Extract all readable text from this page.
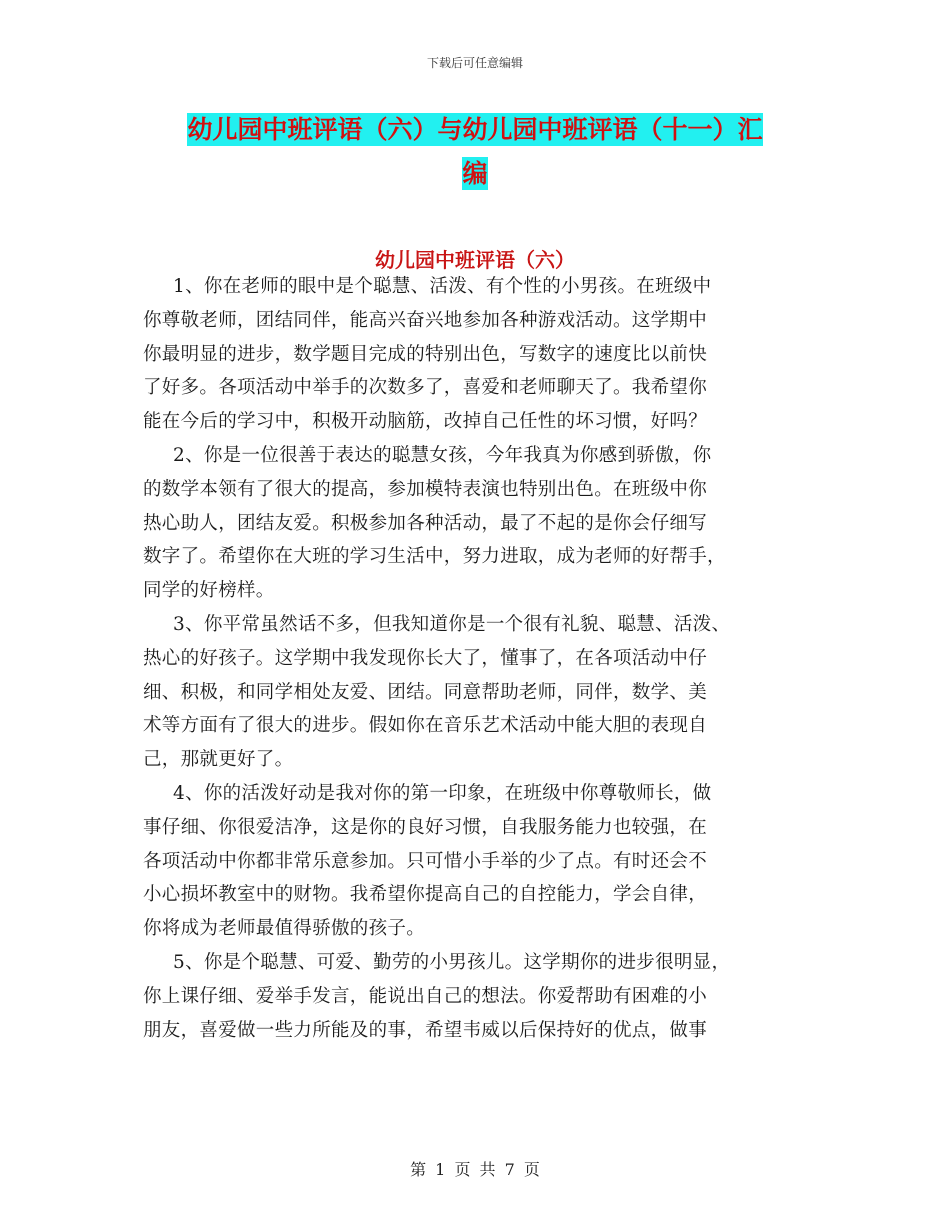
下载后可任意编辑
幼儿园中班评语（六）与幼儿园中班评语（十一）汇
编
幼儿园中班评语（六）
1、你在老师的眼中是个聪慧、活泼、有个性的小男孩。在班级中
你尊敬老师，团结同伴，能高兴奋兴地参加各种游戏活动。这学期中
你最明显的进步，数学题目完成的特别出色，写数字的速度比以前快
了好多。各项活动中举手的次数多了，喜爱和老师聊天了。我希望你
能在今后的学习中，积极开动脑筋，改掉自己任性的坏习惯，好吗？
2、你是一位很善于表达的聪慧女孩，今年我真为你感到骄傲，你
的数学本领有了很大的提高，参加模特表演也特别出色。在班级中你
热心助人，团结友爱。积极参加各种活动，最了不起的是你会仔细写
数字了。希望你在大班的学习生活中，努力进取，成为老师的好帮手，
同学的好榜样。
3、你平常虽然话不多，但我知道你是一个很有礼貌、聪慧、活泼、
热心的好孩子。这学期中我发现你长大了，懂事了，在各项活动中仔
细、积极，和同学相处友爱、团结。同意帮助老师，同伴，数学、美
术等方面有了很大的进步。假如你在音乐艺术活动中能大胆的表现自
己，那就更好了。
4、你的活泼好动是我对你的第一印象，在班级中你尊敬师长，做
事仔细、你很爱洁净，这是你的良好习惯，自我服务能力也较强，在
各项活动中你都非常乐意参加。只可惜小手举的少了点。有时还会不
小心损坏教室中的财物。我希望你提高自己的自控能力，学会自律，
你将成为老师最值得骄傲的孩子。
5、你是个聪慧、可爱、勤劳的小男孩儿。这学期你的进步很明显，
你上课仔细、爱举手发言，能说出自己的想法。你爱帮助有困难的小
朋友，喜爱做一些力所能及的事，希望韦威以后保持好的优点，做事
第 1 页 共 7 页
